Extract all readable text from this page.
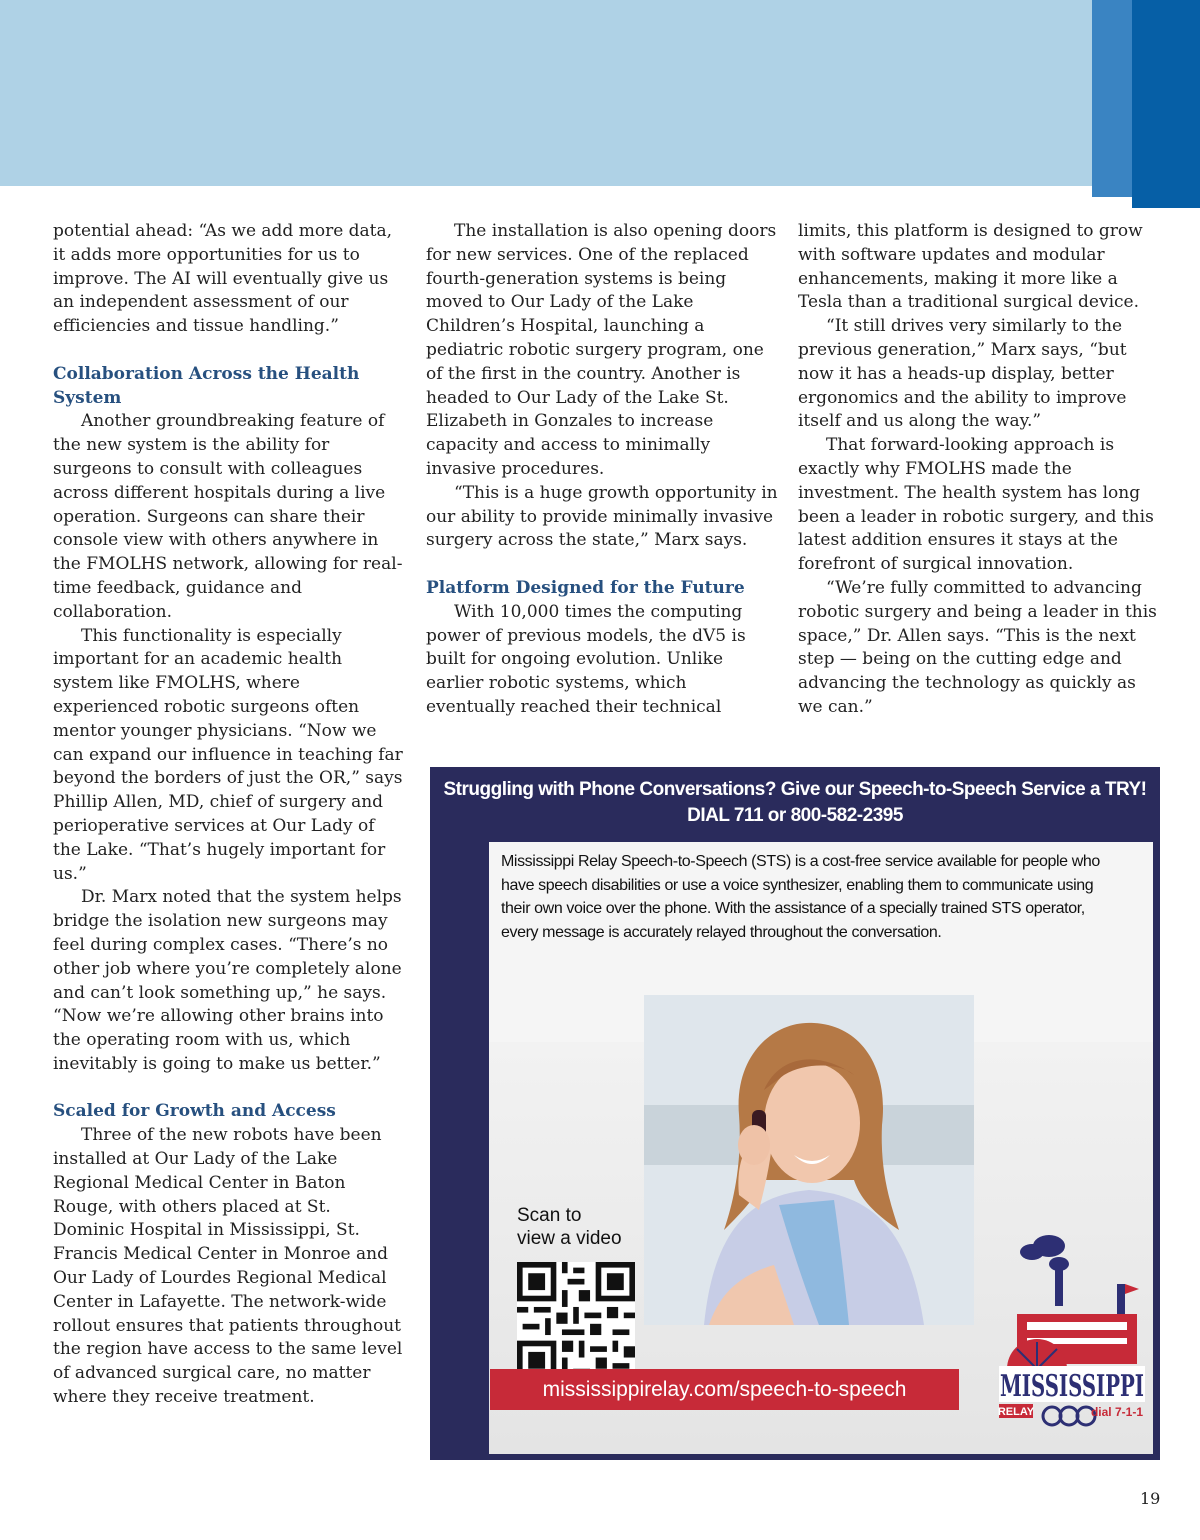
potential ahead: “As we add more data, it adds more opportunities for us to improve. The AI will eventually give us an independent assessment of our efficiencies and tissue handling.”

Collaboration Across the Health System

Another groundbreaking feature of the new system is the ability for surgeons to consult with colleagues across different hospitals during a live operation. Surgeons can share their console view with others anywhere in the FMOLHS network, allowing for real-time feedback, guidance and collaboration.

This functionality is especially important for an academic health system like FMOLHS, where experienced robotic surgeons often mentor younger physicians. “Now we can expand our influence in teaching far beyond the borders of just the OR,” says Phillip Allen, MD, chief of surgery and perioperative services at Our Lady of the Lake. “That’s hugely important for us.”

Dr. Marx noted that the system helps bridge the isolation new surgeons may feel during complex cases. “There’s no other job where you’re completely alone and can’t look something up,” he says. “Now we’re allowing other brains into the operating room with us, which inevitably is going to make us better.”

Scaled for Growth and Access

Three of the new robots have been installed at Our Lady of the Lake Regional Medical Center in Baton Rouge, with others placed at St. Dominic Hospital in Mississippi, St. Francis Medical Center in Monroe and Our Lady of Lourdes Regional Medical Center in Lafayette. The network-wide rollout ensures that patients throughout the region have access to the same level of advanced surgical care, no matter where they receive treatment.

The installation is also opening doors for new services. One of the replaced fourth-generation systems is being moved to Our Lady of the Lake Children’s Hospital, launching a pediatric robotic surgery program, one of the first in the country. Another is headed to Our Lady of the Lake St. Elizabeth in Gonzales to increase capacity and access to minimally invasive procedures.

“This is a huge growth opportunity in our ability to provide minimally invasive surgery across the state,” Marx says.

Platform Designed for the Future

With 10,000 times the computing power of previous models, the dV5 is built for ongoing evolution. Unlike earlier robotic systems, which eventually reached their technical

limits, this platform is designed to grow with software updates and modular enhancements, making it more like a Tesla than a traditional surgical device.

“It still drives very similarly to the previous generation,” Marx says, “but now it has a heads-up display, better ergonomics and the ability to improve itself and us along the way.”

That forward-looking approach is exactly why FMOLHS made the investment. The health system has long been a leader in robotic surgery, and this latest addition ensures it stays at the forefront of surgical innovation.

“We’re fully committed to advancing robotic surgery and being a leader in this space,” Dr. Allen says. “This is the next step — being on the cutting edge and advancing the technology as quickly as we can.”

Struggling with Phone Conversations? Give our Speech-to-Speech Service a TRY!
DIAL 711 or 800-582-2395
Mississippi Relay Speech-to-Speech (STS) is a cost-free service available for people who have speech disabilities or use a voice synthesizer, enabling them to communicate using their own voice over the phone. With the assistance of a specially trained STS operator, every message is accurately relayed throughout the conversation.
Scan to
view a video
mississippirelay.com/speech-to-speech	MISSISSIPPI
RELAY	dial 7-1-1
19
